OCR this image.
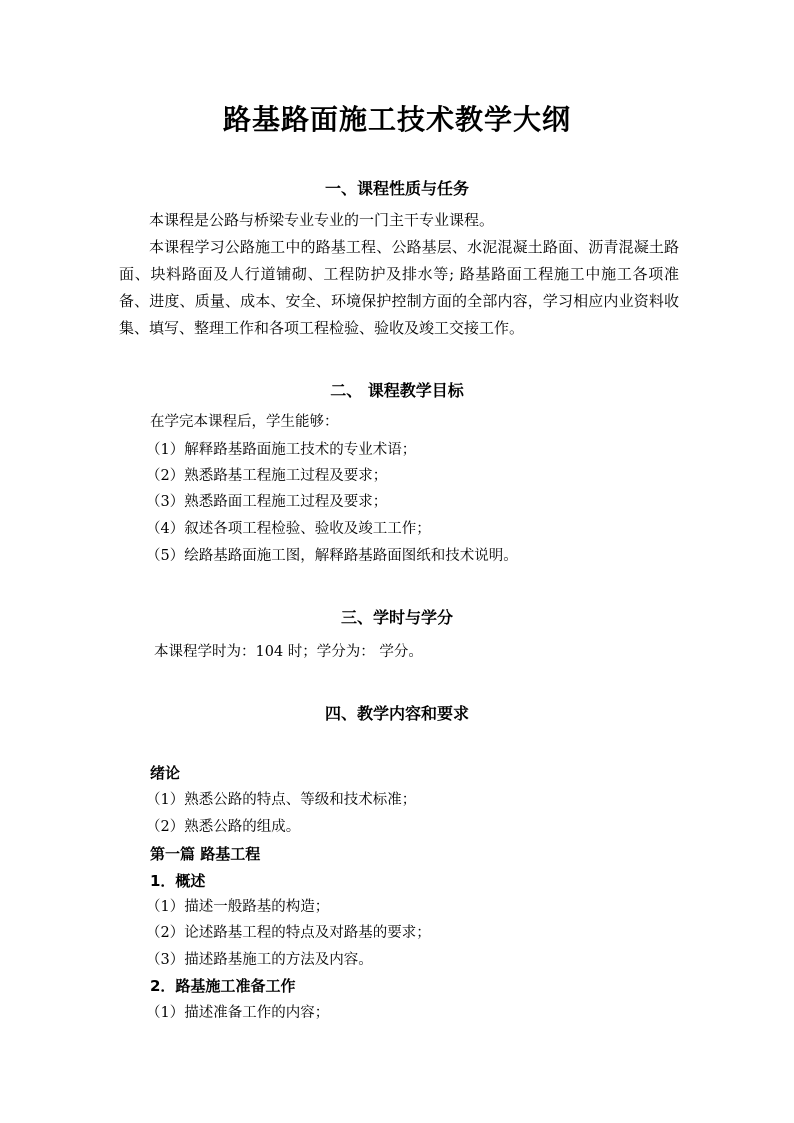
路基路面施工技术教学大纲
一、课程性质与任务
本课程是公路与桥梁专业专业的一门主干专业课程。
本课程学习公路施工中的路基工程、公路基层、水泥混凝土路面、沥青混凝土路面、块料路面及人行道铺砌、工程防护及排水等; 路基路面工程施工中施工各项准备、进度、质量、成本、安全、环境保护控制方面的全部内容，学习相应内业资料收集、填写、整理工作和各项工程检验、验收及竣工交接工作。
二、 课程教学目标
在学完本课程后，学生能够：
（1）解释路基路面施工技术的专业术语；
（2）熟悉路基工程施工过程及要求；
（3）熟悉路面工程施工过程及要求；
（4）叙述各项工程检验、验收及竣工工作；
（5）绘路基路面施工图，解释路基路面图纸和技术说明。
三、学时与学分
本课程学时为：104 时；学分为： 学分。
四、教学内容和要求
绪论
（1）熟悉公路的特点、等级和技术标准；
（2）熟悉公路的组成。
第一篇 路基工程
1．概述
（1）描述一般路基的构造；
（2）论述路基工程的特点及对路基的要求；
（3）描述路基施工的方法及内容。
2．路基施工准备工作
（1）描述准备工作的内容；
